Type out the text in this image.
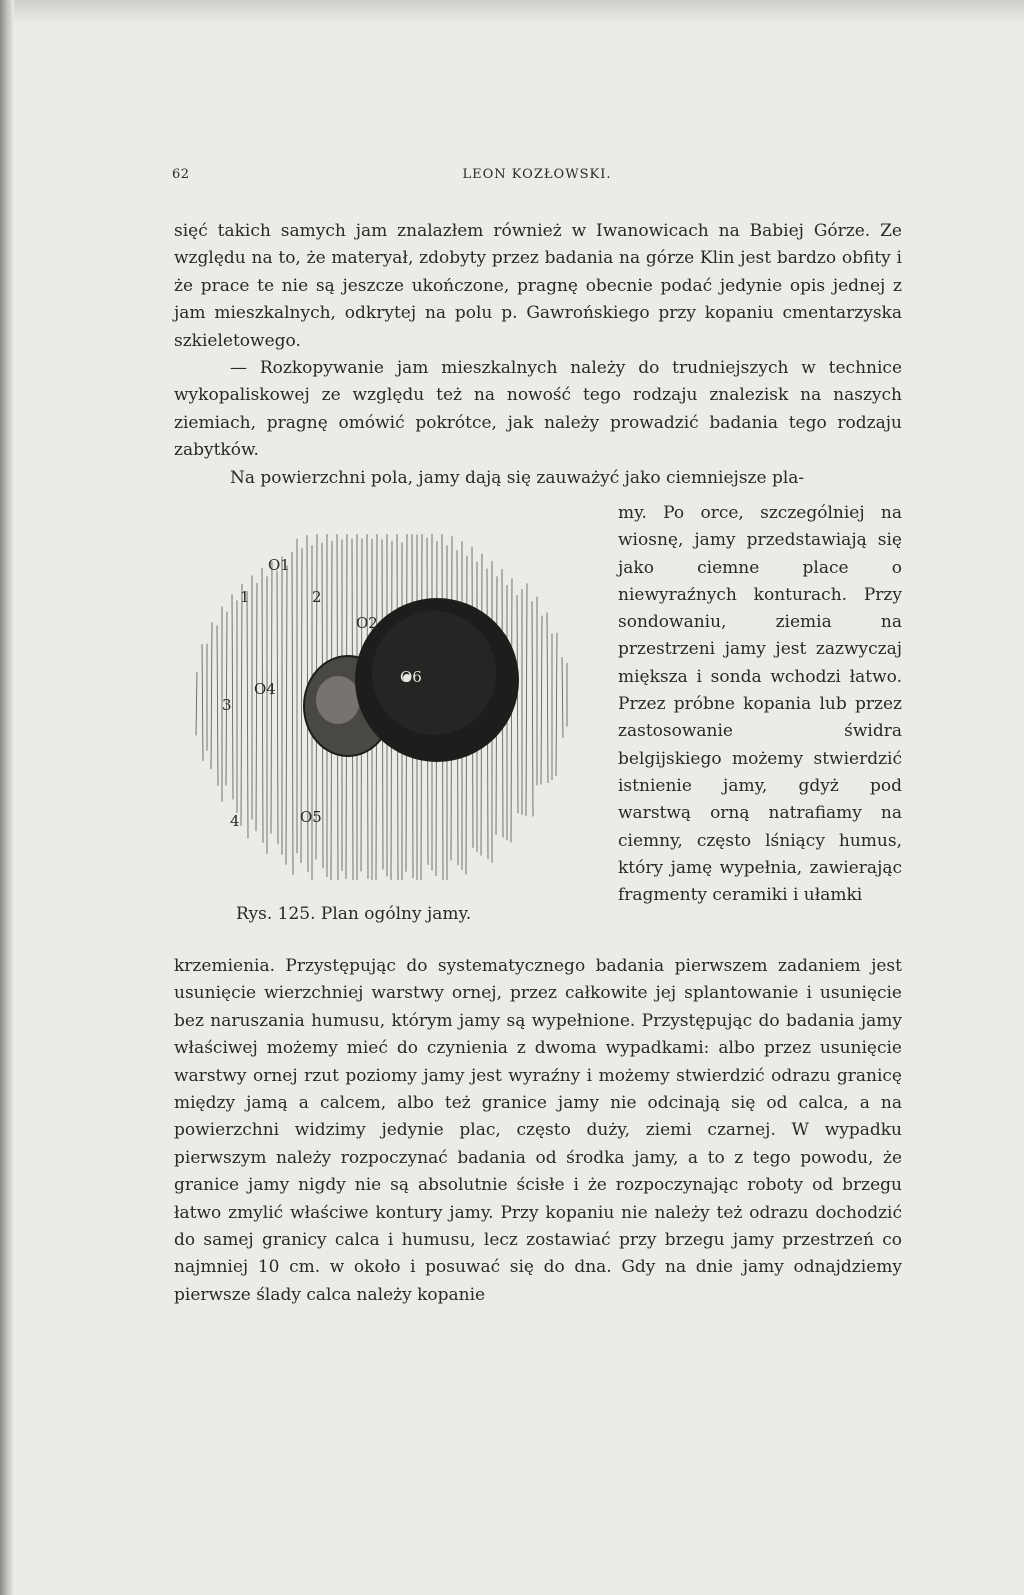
62	LEON KOZŁOWSKI.

sięć takich samych jam znalazłem również w Iwanowicach na Babiej Górze. Ze względu na to, że materyał, zdobyty przez badania na górze Klin jest bardzo obfity i że prace te nie są jeszcze ukończone, pragnę obecnie podać jedynie opis jednej z jam mieszkalnych, odkrytej na polu p. Gawrońskiego przy kopaniu cmentarzyska szkieletowego.

— Rozkopywanie jam mieszkalnych należy do trudniejszych w technice wykopaliskowej ze względu też na nowość tego rodzaju znalezisk na naszych ziemiach, pragnę omówić pokrótce, jak należy prowadzić badania tego rodzaju zabytków.

Na powierzchni pola, jamy dają się zauważyć jako ciemniejsze pla-

my. Po orce, szczególniej na wiosnę, jamy przedstawiają się jako ciemne place o niewyraźnych konturach. Przy sondowaniu, ziemia na przestrzeni jamy jest zazwyczaj miększa i sonda wchodzi łatwo. Przez próbne kopania lub przez zastosowanie świdra belgijskiego możemy stwierdzić istnienie jamy, gdyż pod warstwą orną natrafiamy na ciemny, często lśniący humus, który jamę wypełnia, zawierając fragmenty ceramiki i ułamki

O1
1	2
O2
3
O4
O6
4	O5
Rys. 125. Plan ogólny jamy.

krzemienia. Przystępując do systematycznego badania pierwszem zadaniem jest usunięcie wierzchniej warstwy ornej, przez całkowite jej splantowanie i usunięcie bez naruszania humusu, którym jamy są wypełnione. Przystępując do badania jamy właściwej możemy mieć do czynienia z dwoma wypadkami: albo przez usunięcie warstwy ornej rzut poziomy jamy jest wyraźny i możemy stwierdzić odrazu granicę między jamą a calcem, albo też granice jamy nie odcinają się od calca, a na powierzchni widzimy jedynie plac, często duży, ziemi czarnej. W wypadku pierwszym należy rozpoczynać badania od środka jamy, a to z tego powodu, że granice jamy nigdy nie są absolutnie ścisłe i że rozpoczynając roboty od brzegu łatwo zmylić właściwe kontury jamy. Przy kopaniu nie należy też odrazu dochodzić do samej granicy calca i humusu, lecz zostawiać przy brzegu jamy przestrzeń co najmniej 10 cm. w około i posuwać się do dna. Gdy na dnie jamy odnajdziemy pierwsze ślady calca należy kopanie
